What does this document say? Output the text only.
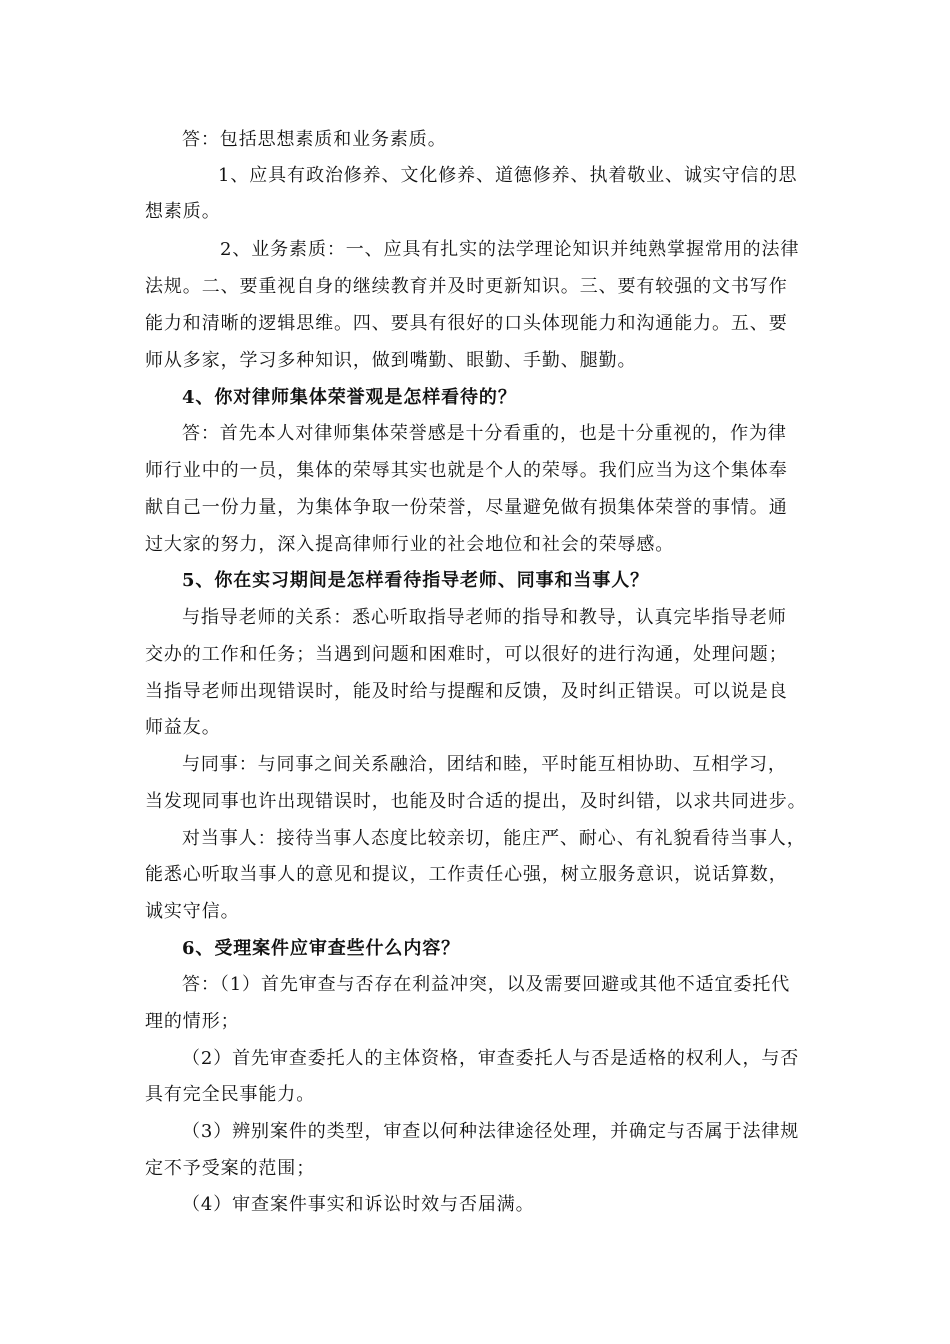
答：包括思想素质和业务素质。
1、应具有政治修养、文化修养、道德修养、执着敬业、诚实守信的思
想素质。
2、业务素质：一、应具有扎实的法学理论知识并纯熟掌握常用的法律
法规。二、要重视自身的继续教育并及时更新知识。三、要有较强的文书写作
能力和清晰的逻辑思维。四、要具有很好的口头体现能力和沟通能力。五、要
师从多家，学习多种知识，做到嘴勤、眼勤、手勤、腿勤。
4、你对律师集体荣誉观是怎样看待的？
答：首先本人对律师集体荣誉感是十分看重的，也是十分重视的，作为律
师行业中的一员，集体的荣辱其实也就是个人的荣辱。我们应当为这个集体奉
献自己一份力量，为集体争取一份荣誉，尽量避免做有损集体荣誉的事情。通
过大家的努力，深入提高律师行业的社会地位和社会的荣辱感。
5、你在实习期间是怎样看待指导老师、同事和当事人？
与指导老师的关系：悉心听取指导老师的指导和教导，认真完毕指导老师
交办的工作和任务；当遇到问题和困难时，可以很好的进行沟通，处理问题；
当指导老师出现错误时，能及时给与提醒和反馈，及时纠正错误。可以说是良
师益友。
与同事：与同事之间关系融洽，团结和睦，平时能互相协助、互相学习，
当发现同事也许出现错误时，也能及时合适的提出，及时纠错，以求共同进步。
对当事人：接待当事人态度比较亲切，能庄严、耐心、有礼貌看待当事人，
能悉心听取当事人的意见和提议，工作责任心强，树立服务意识，说话算数，
诚实守信。
6、受理案件应审查些什么内容？
答：（1）首先审查与否存在利益冲突，以及需要回避或其他不适宜委托代
理的情形；
（2）首先审查委托人的主体资格，审查委托人与否是适格的权利人，与否
具有完全民事能力。
（3）辨别案件的类型，审查以何种法律途径处理，并确定与否属于法律规
定不予受案的范围；
（4）审查案件事实和诉讼时效与否届满。
